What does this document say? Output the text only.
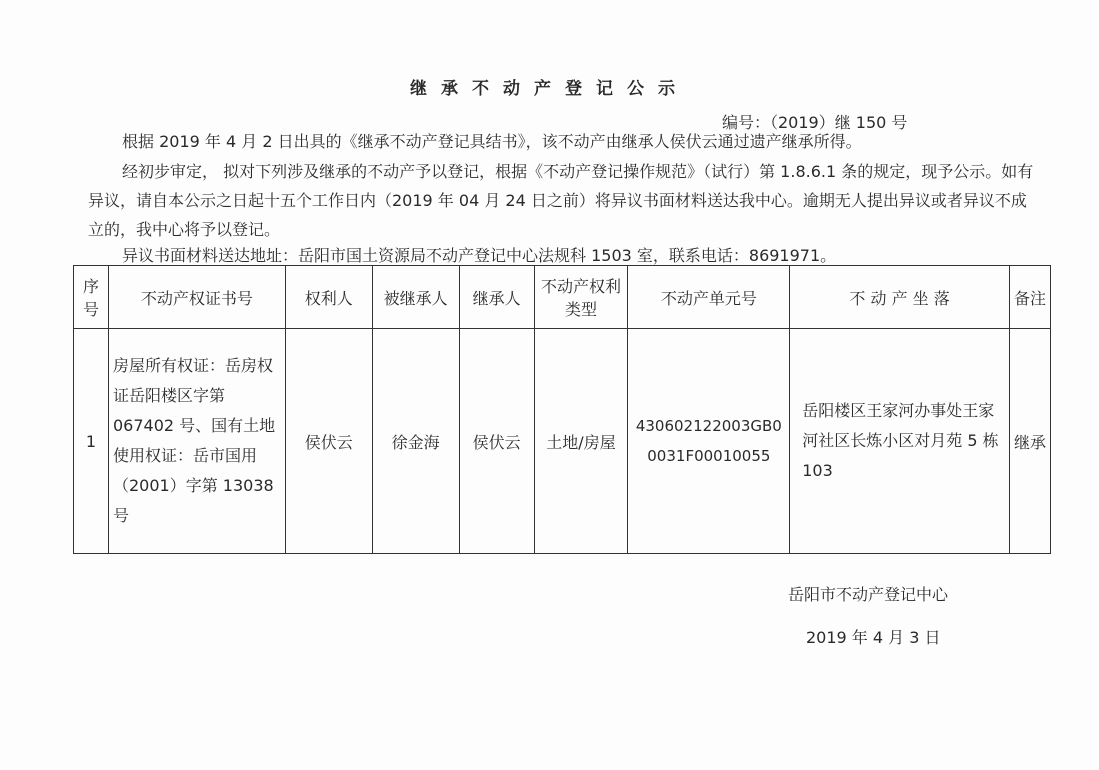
继承不动产登记公示
编号：（2019）继 150 号
根据 2019 年 4 月 2 日出具的《继承不动产登记具结书》，该不动产由继承人侯伏云通过遗产继承所得。
经初步审定， 拟对下列涉及继承的不动产予以登记，根据《不动产登记操作规范》（试行）第 1.8.6.1 条的规定，现予公示。如有异议，请自本公示之日起十五个工作日内（2019 年 04 月 24 日之前）将异议书面材料送达我中心。逾期无人提出异议或者异议不成立的，我中心将予以登记。
异议书面材料送达地址：岳阳市国土资源局不动产登记中心法规科 1503 室，联系电话：8691971。
序号	不动产权证书号	权利人	被继承人	继承人	不动产权利类型	不动产单元号	不 动 产 坐 落	备注
1	房屋所有权证：岳房权证岳阳楼区字第 067402 号、国有土地使用权证：岳市国用（2001）字第 13038 号	侯伏云	徐金海	侯伏云	土地/房屋	430602122003GB00031F00010055	岳阳楼区王家河办事处王家河社区长炼小区对月苑 5 栋 103	继承
岳阳市不动产登记中心
2019 年 4 月 3 日
